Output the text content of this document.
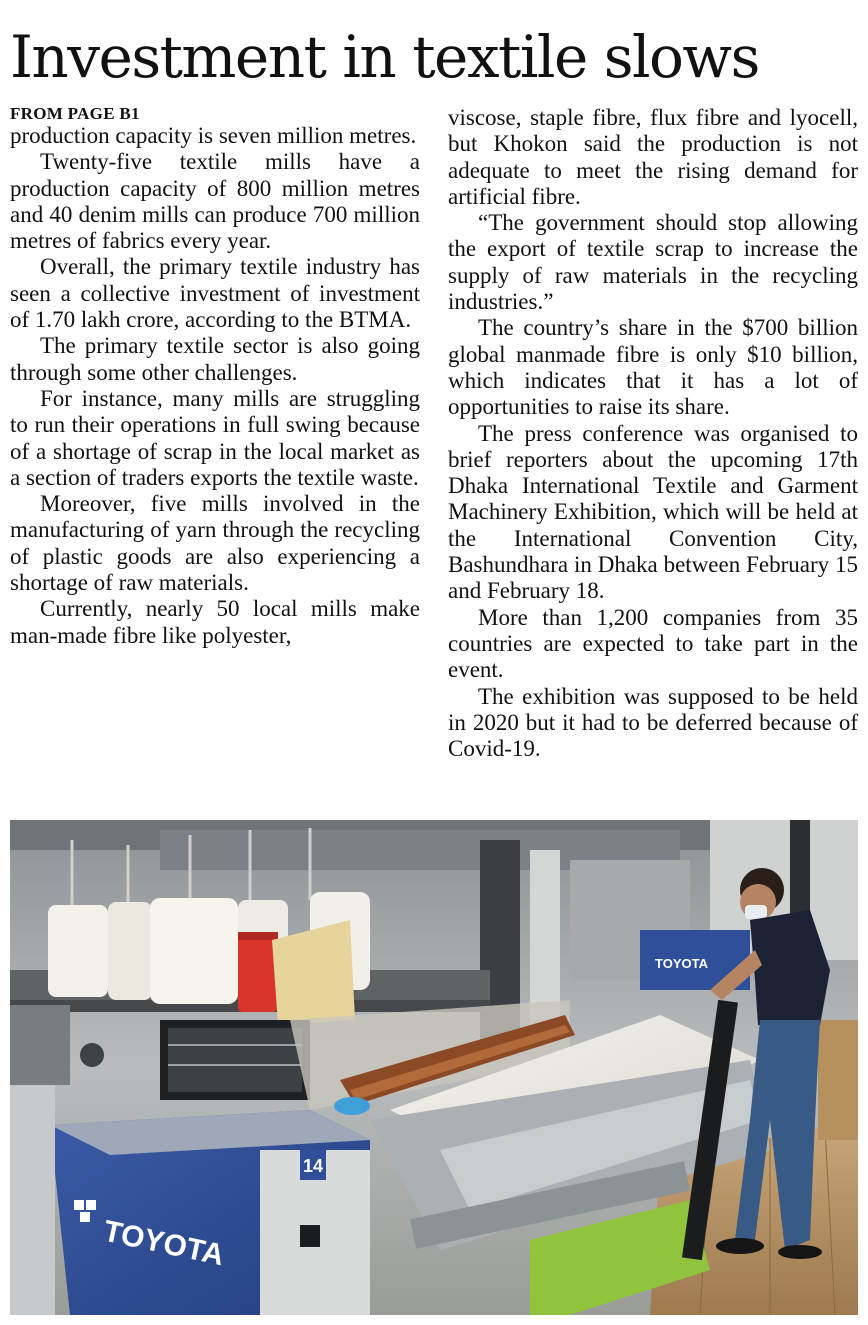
Investment in textile slows
FROM PAGE B1

production capacity is seven million metres.

Twenty-five textile mills have a production capacity of 800 million metres and 40 denim mills can produce 700 million metres of fabrics every year.

Overall, the primary textile industry has seen a collective investment of investment of 1.70 lakh crore, according to the BTMA.

The primary textile sector is also going through some other challenges.

For instance, many mills are struggling to run their operations in full swing because of a shortage of scrap in the local market as a section of traders exports the textile waste.

Moreover, five mills involved in the manufacturing of yarn through the recycling of plastic goods are also experiencing a shortage of raw materials.

Currently, nearly 50 local mills make man-made fibre like polyester,

viscose, staple fibre, flux fibre and lyocell, but Khokon said the production is not adequate to meet the rising demand for artificial fibre.

“The government should stop allowing the export of textile scrap to increase the supply of raw materials in the recycling industries.”

The country’s share in the $700 billion global manmade fibre is only $10 billion, which indicates that it has a lot of opportunities to raise its share.

The press conference was organised to brief reporters about the upcoming 17th Dhaka International Textile and Garment Machinery Exhibition, which will be held at the International Convention City, Bashundhara in Dhaka between February 15 and February 18.

More than 1,200 companies from 35 countries are expected to take part in the event.

The exhibition was supposed to be held in 2020 but it had to be deferred because of Covid-19.

TOYOTA
14
TOYOTA
